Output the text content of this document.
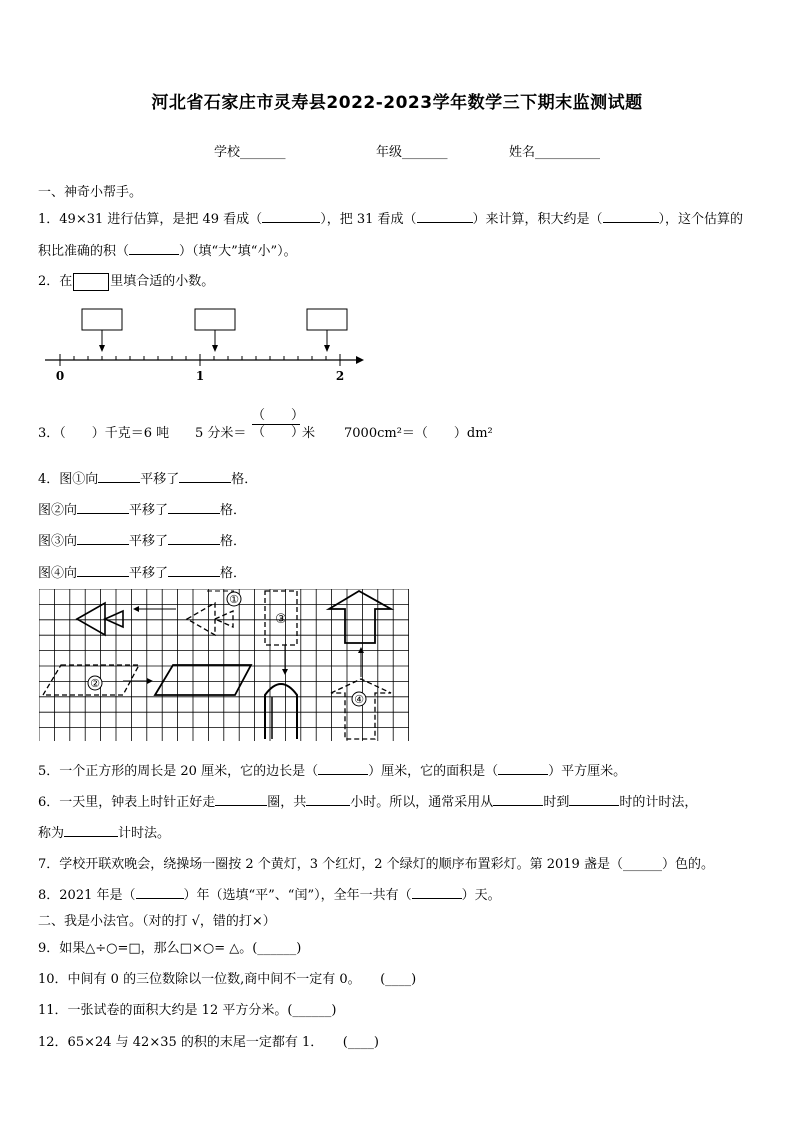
河北省石家庄市灵寿县2022-2023学年数学三下期末监测试题
学校_______	年级_______	姓名__________
一、神奇小帮手。
1．49×31 进行估算，是把 49 看成（	），把 31 看成（	）来计算，积大约是（	），这个估算的
积比准确的积（	）（填“大”填“小”）。
2．在	里填合适的小数。
0	1	2
3．（　　）千克＝6 吨 5 分米＝
（　　）
（　　）
米 7000cm²＝（　　）dm²
4．图①向	平移了	格．
图②向	平移了	格．
图③向	平移了	格．
图④向	平移了	格．
①
③
④
②
5．一个正方形的周长是 20 厘米，它的边长是（	）厘米，它的面积是（	）平方厘米。
6．一天里，钟表上时针正好走	圈，共	小时。所以，通常采用从	时到	时的计时法，
称为	计时法。
7．学校开联欢晚会，绕操场一圈按 2 个黄灯，3 个红灯，2 个绿灯的顺序布置彩灯。第 2019 盏是（______）色的。
8．2021 年是（	）年（选填“平”、“闰”），全年一共有（	）天。
二、我是小法官。（对的打 √，错的打×）
9．如果△÷○=□，那么□×○= △。(______)
10．中间有 0 的三位数除以一位数,商中间不一定有 0。　　(____)
11．一张试卷的面积大约是 12 平方分米。(______)
12．65×24 与 42×35 的积的末尾一定都有 1．　　(____)
